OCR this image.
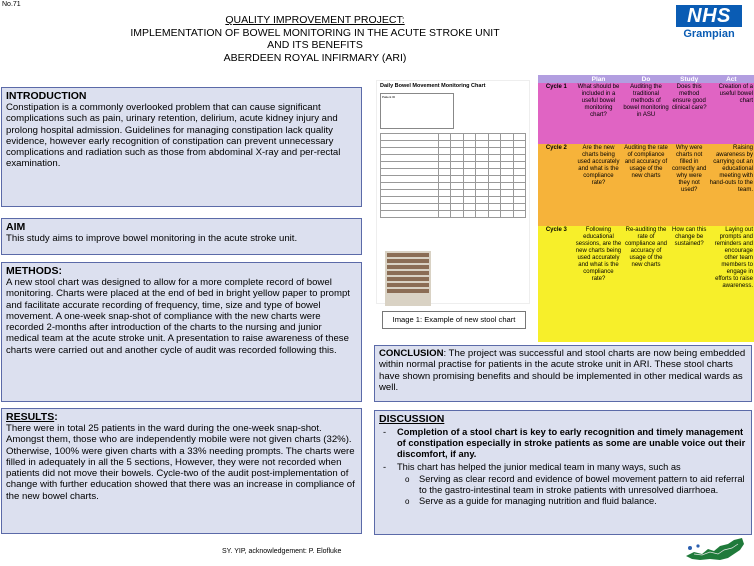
No.71
QUALITY IMPROVEMENT PROJECT:
IMPLEMENTATION OF BOWEL MONITORING IN THE ACUTE STROKE UNIT
AND ITS BENEFITS
ABERDEEN ROYAL INFIRMARY (ARI)
NHS
Grampian
INTRODUCTION

Constipation is a commonly overlooked problem that can cause significant complications such as pain, urinary retention, delirium, acute kidney injury and prolong hospital admission. Guidelines for managing constipation lack quality evidence, however early recognition of constipation can prevent unnecessary complications and radiation such as those from abdominal X-ray and per-rectal examination.

AIM

This study aims to improve bowel monitoring in the acute stroke unit.

METHODS:

A new stool chart was designed to allow for a more complete record of bowel monitoring. Charts were placed at the end of bed in bright yellow paper to prompt and facilitate accurate recording of frequency, time, size and type of bowel movement. A one-week snap-shot of compliance with the new charts were recorded 2-months after introduction of the charts to the nursing and junior medical team at the acute stroke unit. A presentation to raise awareness of these charts were carried out and another cycle of audit was recorded following this.

RESULTS:

There were in total 25 patients in the ward during the one-week snap-shot. Amongst them, those who are independently mobile were not given charts (32%). Otherwise, 100% were given charts with a 33% needing prompts. The charts were filled in adequately in all the 5 sections, However, they were not recorded when patients did not move their bowels. Cycle-two of the audit post-implementation of change with further education showed that there was an increase in compliance of the new bowel charts.

Daily Bowel Movement Monitoring Chart
Patient ID

Image 1: Example of new stool chart
	Plan	Do	Study	Act
Cycle 1	What should be included in a useful bowel monitoring chart?	Auditing the traditional methods of bowel monitoring in ASU	Does this method ensure good clinical care?	Creation of a useful bowel chart
Cycle 2	Are the new charts being used accurately and what is the compliance rate?	Auditing the rate of compliance and accuracy of usage of the new charts	Why were charts not filled in correctly and why were they not used?	Raising awareness by carrying out an educational meeting with hand-outs to the team.
Cycle 3	Following educational sessions, are the new charts being used accurately and what is the compliance rate?	Re-auditing the rate of compliance and accuracy of usage of the new charts	How can this change be sustained?	Laying out prompts and reminders and encourage other team members to engage in efforts to raise awareness.

CONCLUSION: The project was successful and stool charts are now being embedded within normal practise for patients in the acute stroke unit in ARI. These stool charts have shown promising benefits and should be implemented in other medical wards as well.

DISCUSSION
- Completion of a stool chart is key to early recognition and timely management of constipation especially in stroke patients as some are unable voice out their discomfort, if any.
- This chart has helped the junior medical team in many ways, such as
o Serving as clear record and evidence of bowel movement pattern to aid referral to the gastro-intestinal team in stroke patients with unresolved diarrhoea.
o Serve as a guide for managing nutrition and fluid balance.
SY. YIP, acknowledgement: P. Elofluke
